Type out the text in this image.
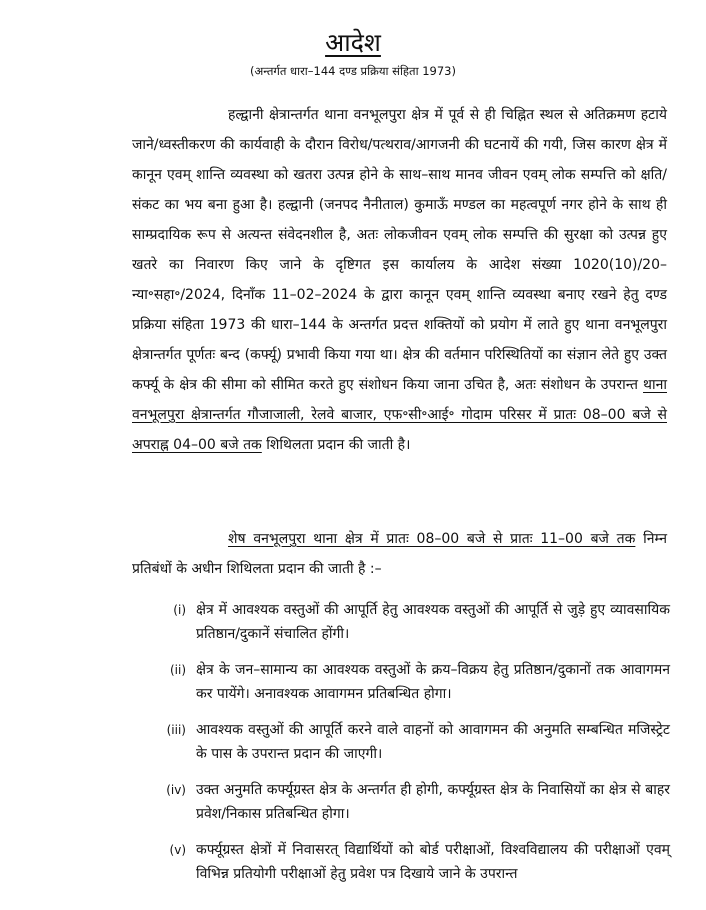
आदेश
(अन्तर्गत धारा–144 दण्ड प्रक्रिया संहिता 1973)

हल्द्वानी क्षेत्रान्तर्गत थाना वनभूलपुरा क्षेत्र में पूर्व से ही चिह्नित स्थल से अतिक्रमण हटाये जाने/ध्वस्तीकरण की कार्यवाही के दौरान विरोध/पत्थराव/आगजनी की घटनायें की गयी, जिस कारण क्षेत्र में कानून एवम् शान्ति व्यवस्था को खतरा उत्पन्न होने के साथ–साथ मानव जीवन एवम् लोक सम्पत्ति को क्षति/संकट का भय बना हुआ है। हल्द्वानी (जनपद नैनीताल) कुमाऊँ मण्डल का महत्वपूर्ण नगर होने के साथ ही साम्प्रदायिक रूप से अत्यन्त संवेदनशील है, अतः लोकजीवन एवम् लोक सम्पत्ति की सुरक्षा को उत्पन्न हुए खतरे का निवारण किए जाने के दृष्टिगत इस कार्यालय के आदेश संख्या 1020(10)/20–न्या॰सहा॰/2024, दिनाँक 11–02–2024 के द्वारा कानून एवम् शान्ति व्यवस्था बनाए रखने हेतु दण्ड प्रक्रिया संहिता 1973 की धारा–144 के अन्तर्गत प्रदत्त शक्तियों को प्रयोग में लाते हुए थाना वनभूलपुरा क्षेत्रान्तर्गत पूर्णतः बन्द (कर्फ्यू) प्रभावी किया गया था। क्षेत्र की वर्तमान परिस्थितियों का संज्ञान लेते हुए उक्त कर्फ्यू के क्षेत्र की सीमा को सीमित करते हुए संशोधन किया जाना उचित है, अतः संशोधन के उपरान्त थाना वनभूलपुरा क्षेत्रान्तर्गत गौजाजाली, रेलवे बाजार, एफ॰सी॰आई॰ गोदाम परिसर में प्रातः 08–00 बजे से अपराह्न 04–00 बजे तक शिथिलता प्रदान की जाती है।

शेष वनभूलपुरा थाना क्षेत्र में प्रातः 08–00 बजे से प्रातः 11–00 बजे तक निम्न प्रतिबंधों के अधीन शिथिलता प्रदान की जाती है :–

(i) क्षेत्र में आवश्यक वस्तुओं की आपूर्ति हेतु आवश्यक वस्तुओं की आपूर्ति से जुड़े हुए व्यावसायिक प्रतिष्ठान/दुकानें संचालित होंगी।
(ii) क्षेत्र के जन–सामान्य का आवश्यक वस्तुओं के क्रय–विक्रय हेतु प्रतिष्ठान/दुकानों तक आवागमन कर पायेंगे। अनावश्यक आवागमन प्रतिबन्धित होगा।
(iii) आवश्यक वस्तुओं की आपूर्ति करने वाले वाहनों को आवागमन की अनुमति सम्बन्धित मजिस्ट्रेट के पास के उपरान्त प्रदान की जाएगी।
(iv) उक्त अनुमति कर्फ्यूग्रस्त क्षेत्र के अन्तर्गत ही होगी, कर्फ्यूग्रस्त क्षेत्र के निवासियों का क्षेत्र से बाहर प्रवेश/निकास प्रतिबन्धित होगा।
(v) कर्फ्यूग्रस्त क्षेत्रों में निवासरत् विद्यार्थियों को बोर्ड परीक्षाओं, विश्वविद्यालय की परीक्षाओं एवम् विभिन्न प्रतियोगी परीक्षाओं हेतु प्रवेश पत्र दिखाये जाने के उपरान्त
